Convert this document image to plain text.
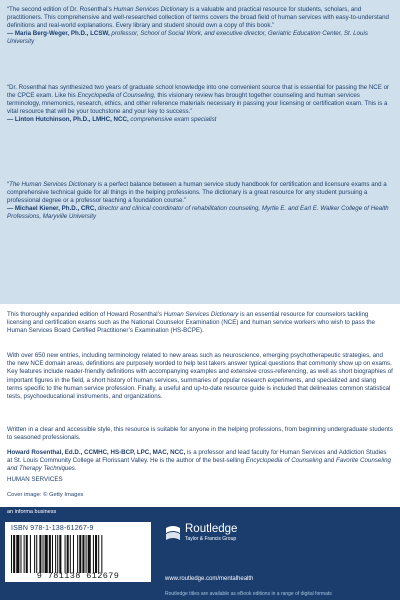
“The second edition of Dr. Rosenthal’s Human Services Dictionary is a valuable and practical resource for students, scholars, and practitioners. This comprehensive and well-researched collection of terms covers the broad field of human services with easy-to-understand definitions and real-world explanations. Every library and student should own a copy of this book.”
— Maria Berg-Weger, Ph.D., LCSW, professor, School of Social Work, and executive director, Geriatric Education Center, St. Louis University
“Dr. Rosenthal has synthesized two years of graduate school knowledge into one convenient source that is essential for passing the NCE or the CPCE exam. Like his Encyclopedia of Counseling, this visionary review has brought together counseling and human services terminology, mnemonics, research, ethics, and other reference materials necessary in passing your licensing or certification exam. This is a vital resource that will be your touchstone and your key to success.”
— Linton Hutchinson, Ph.D., LMHC, NCC, comprehensive exam specialist
“The Human Services Dictionary is a perfect balance between a human service study handbook for certification and licensure exams and a comprehensive technical guide for all things in the helping professions. The dictionary is a great resource for any student pursuing a professional degree or a professor teaching a foundation course.”
— Michael Kiener, Ph.D., CRC, director and clinical coordinator of rehabilitation counseling, Myrtle E. and Earl E. Walker College of Health Professions, Maryville University

This thoroughly expanded edition of Howard Rosenthal’s Human Services Dictionary is an essential resource for counselors tackling licensing and certification exams such as the National Counselor Examination (NCE) and human service workers who wish to pass the Human Services Board Certified Practitioner’s Examination (HS-BCPE).

With over 650 new entries, including terminology related to new areas such as neuroscience, emerging psychotherapeutic strategies, and the new NCE domain areas, definitions are purposely worded to help test takers answer typical questions that commonly show up on exams. Key features include reader-friendly definitions with accompanying examples and extensive cross-referencing, as well as short biographies of important figures in the field, a short history of human services, summaries of popular research experiments, and specialized and slang terms specific to the human service profession. Finally, a useful and up-to-date resource guide is included that delineates common statistical tests, psychoeducational instruments, and organizations.

Written in a clear and accessible style, this resource is suitable for anyone in the helping professions, from beginning undergraduate students to seasoned professionals.

Howard Rosenthal, Ed.D., CCMHC, HS-BCP, LPC, MAC, NCC, is a professor and lead faculty for Human Services and Addiction Studies at St. Louis Community College at Florissant Valley. He is the author of the best-selling Encyclopedia of Counseling and Favorite Counseling and Therapy Techniques.

HUMAN SERVICES
Cover image: © Getty Images
an informa business
ISBN 978-1-138-61267-9
9 781138 612679
Routledge
Taylor & Francis Group
www.routledge.com/mentalhealth
Routledge titles are available as eBook editions in a range of digital formats
